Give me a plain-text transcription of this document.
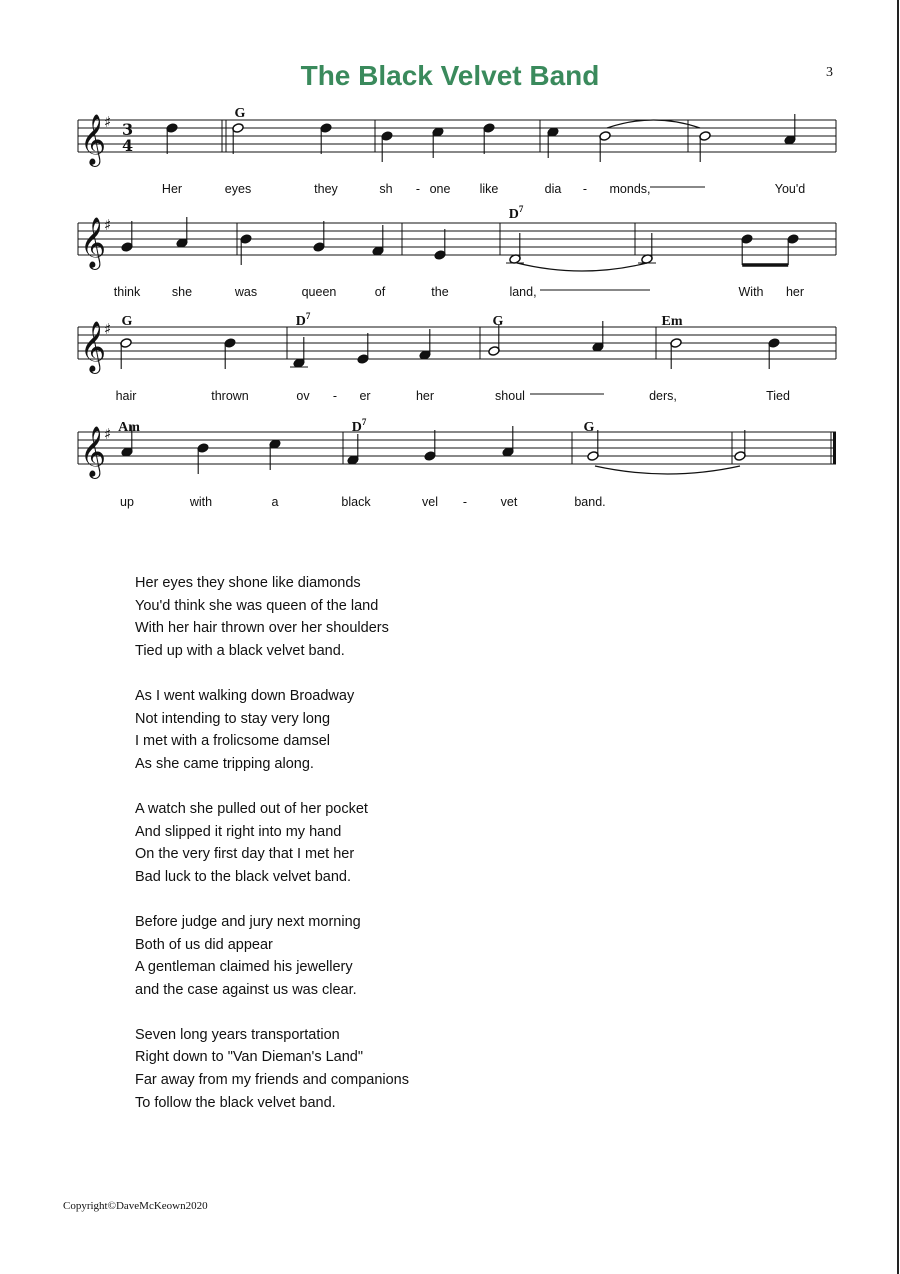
The Black Velvet Band	3
𝄞
♯ 3
4
G
Her	eyes	they	sh - one like	dia - monds,	You'd
𝄞
♯
$D^7$
think	she	was	queen	of	the	land,	With her
𝄞
♯ G	$D^7$	G	Em
hair	thrown	ov - er	her	shoul	ders,	Tied
𝄞
♯ Am	$D^7$	G
up	with	a	black	vel -	vet	band.
Her eyes they shone like diamonds
You'd think she was queen of the land
With her hair thrown over her shoulders
Tied up with a black velvet band.
As I went walking down Broadway
Not intending to stay very long
I met with a frolicsome damsel
As she came tripping along.
A watch she pulled out of her pocket
And slipped it right into my hand
On the very first day that I met her
Bad luck to the black velvet band.
Before judge and jury next morning
Both of us did appear
A gentleman claimed his jewellery
and the case against us was clear.
Seven long years transportation
Right down to "Van Dieman's Land"
Far away from my friends and companions
To follow the black velvet band.
Copyright©DaveMcKeown2020
